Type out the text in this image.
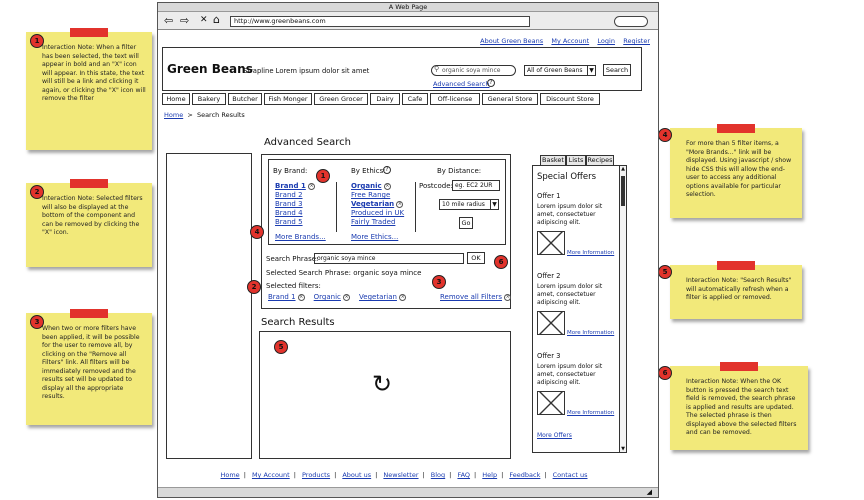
1
Interaction Note: When a filter has been selected, the text will appear in bold and an "X" icon will appear. In this state, the text will still be a link and clicking it again, or clicking the "X" icon will remove the filter
2
Interaction Note: Selected filters will also be displayed at the bottom of the component and can be removed by clicking the "X" icon.
3
When two or more filters have been applied, it will be possible for the user to remove all, by clicking on the "Remove all Filters" link. All filters will be immediately removed and the results set will be updated to display all the appropriate results.
4
For more than 5 filter items, a "More Brands..." link will be displayed. Using javascript / show hide CSS this will allow the end-user to access any additional options available for particular selection.
5
Interaction Note: "Search Results" will automatically refresh when a filter is applied or removed.
6
Interaction Note: When the OK button is pressed the search text field is removed, the search phrase is applied and results are updated. The selected phrase is then displayed above the selected filters and can be removed.
A Web Page
⇦ ⇨ ✕ ⌂	http://www.greenbeans.com
About Green Beans My Account Login Register
Green Beans
Strapline Lorem ipsum dolor sit amet	⚲ organic soya mince	All of Green Beans	▼	Search
Advanced Search ?
Home	Bakery	Butcher	Fish Monger	Green Grocer	Dairy	Cafe	Off-license	General Store	Discount Store
Home  >  Search Results
Advanced Search
By Brand:
Brand 1 ×
Brand 2
Brand 3
Brand 4
Brand 5
More Brands...
By Ethics: ?
Organic ×
Free Range
Vegetarian ×
Produced in UK
Fairly Traded
More Ethics...
By Distance:
Postcode: eg. EC2 2UR
10 mile radius	▼
Go
Search Phrase:
organic soya mince	OK
Selected Search Phrase: organic soya mince
Selected filters:
Brand 1 × Organic × Vegetarian ×	Remove all Filters ×
1
4
2
3
6
Search Results
5
↻
Basket Lists Recipes
Special Offers
▲
▼
Offer 1
Lorem ipsum dolor sit amet, consectetuer adipiscing elit.
More Information
Offer 2
Lorem ipsum dolor sit amet, consectetuer adipiscing elit.
More Information
Offer 3
Lorem ipsum dolor sit amet, consectetuer adipiscing elit.
More Information
More Offers
Home | My Account | Products | About us | Newsletter | Blog | FAQ | Help | Feedback | Contact us
◢
